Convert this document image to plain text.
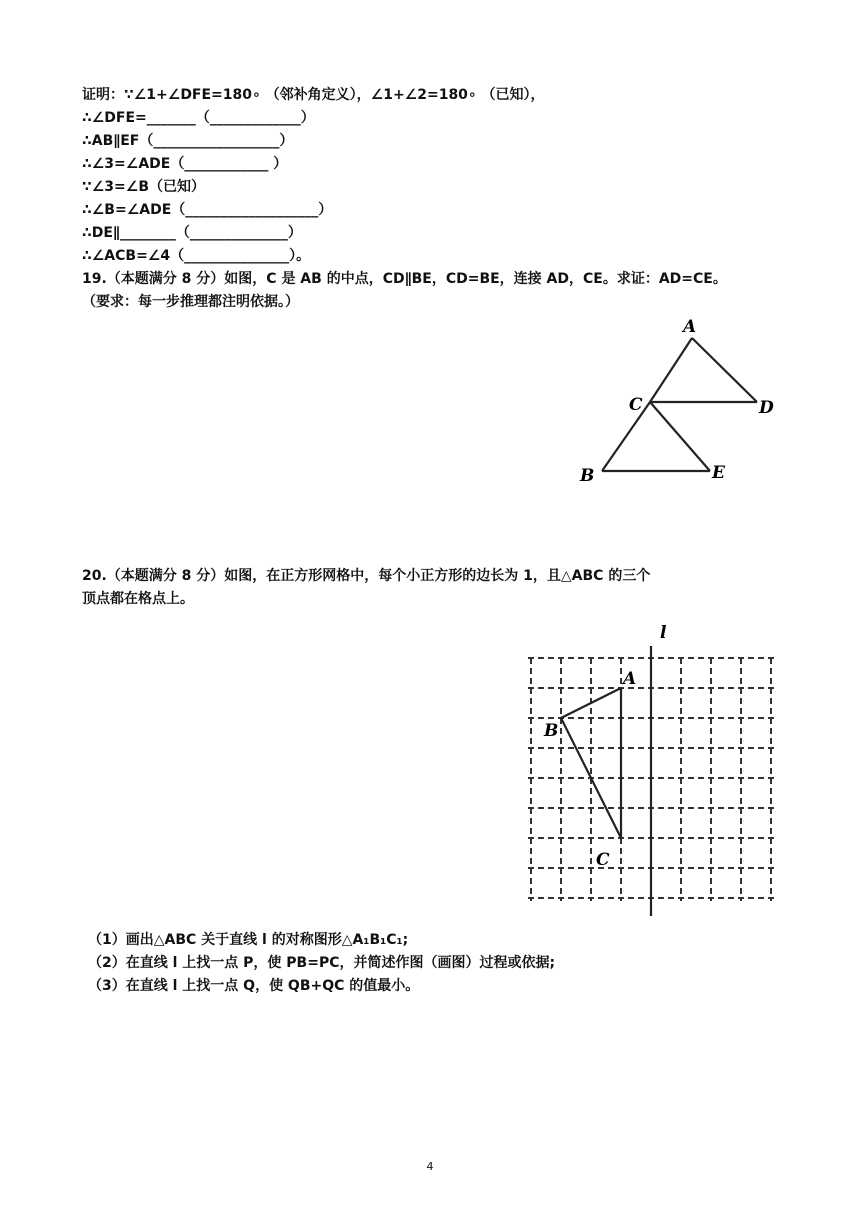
证明：∵∠1+∠DFE=180∘ （邻补角定义），∠1+∠2=180∘ （已知），
∴∠DFE=_______（_____________）
∴AB∥EF（__________________）
∴∠3=∠ADE（____________ ）
∵∠3=∠B（已知）
∴∠B=∠ADE（___________________）
∴DE∥________（______________）
∴∠ACB=∠4（_______________）。
19.（本题满分 8 分）如图，C 是 AB 的中点，CD∥BE，CD=BE，连接 AD，CE。求证：AD=CE。
（要求：每一步推理都注明依据。）
A
C	D
B	E
20.（本题满分 8 分）如图，在正方形网格中，每个小正方形的边长为 1，且△ABC 的三个
顶点都在格点上。
l
A
B
C
（1）画出△ABC 关于直线 l 的对称图形△A₁B₁C₁;
（2）在直线 l 上找一点 P，使 PB=PC，并简述作图（画图）过程或依据;
（3）在直线 l 上找一点 Q，使 QB+QC 的值最小。
4
